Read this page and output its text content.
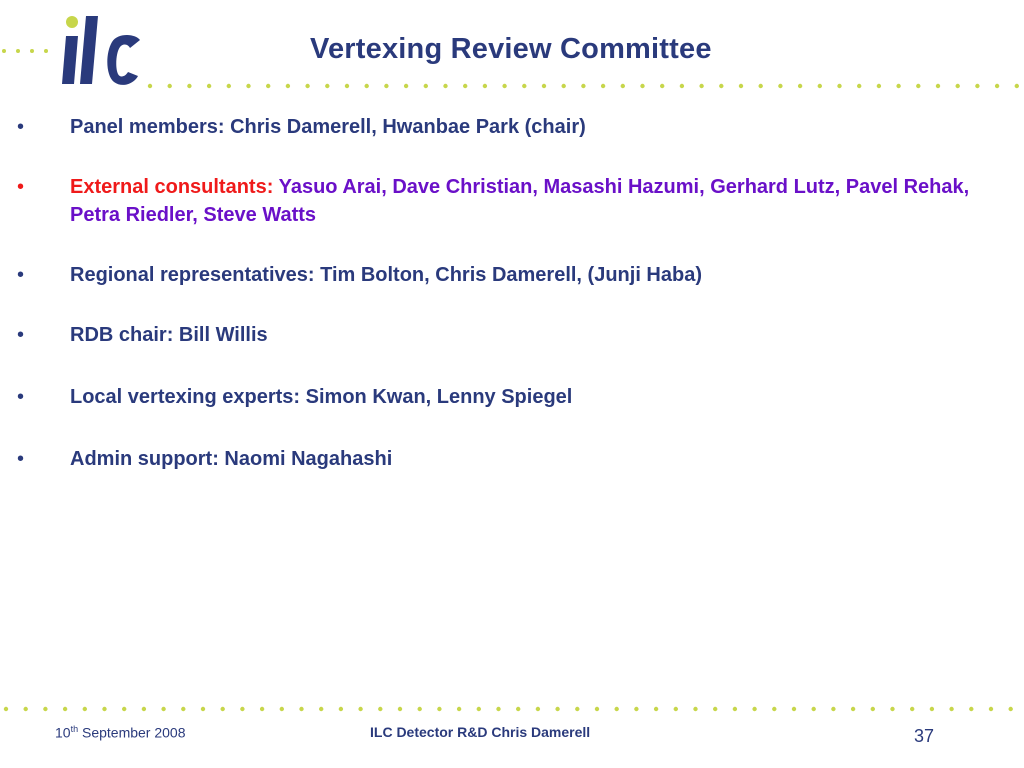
Vertexing Review Committee
• Panel members: Chris Damerell, Hwanbae Park (chair)
• External consultants: Yasuo Arai, Dave Christian, Masashi Hazumi, Gerhard Lutz, Pavel Rehak, Petra Riedler, Steve Watts
• Regional representatives: Tim Bolton, Chris Damerell, (Junji Haba)
• RDB chair: Bill Willis
• Local vertexing experts: Simon Kwan, Lenny Spiegel
• Admin support: Naomi Nagahashi
10th September 2008	ILC Detector R&D Chris Damerell	37
